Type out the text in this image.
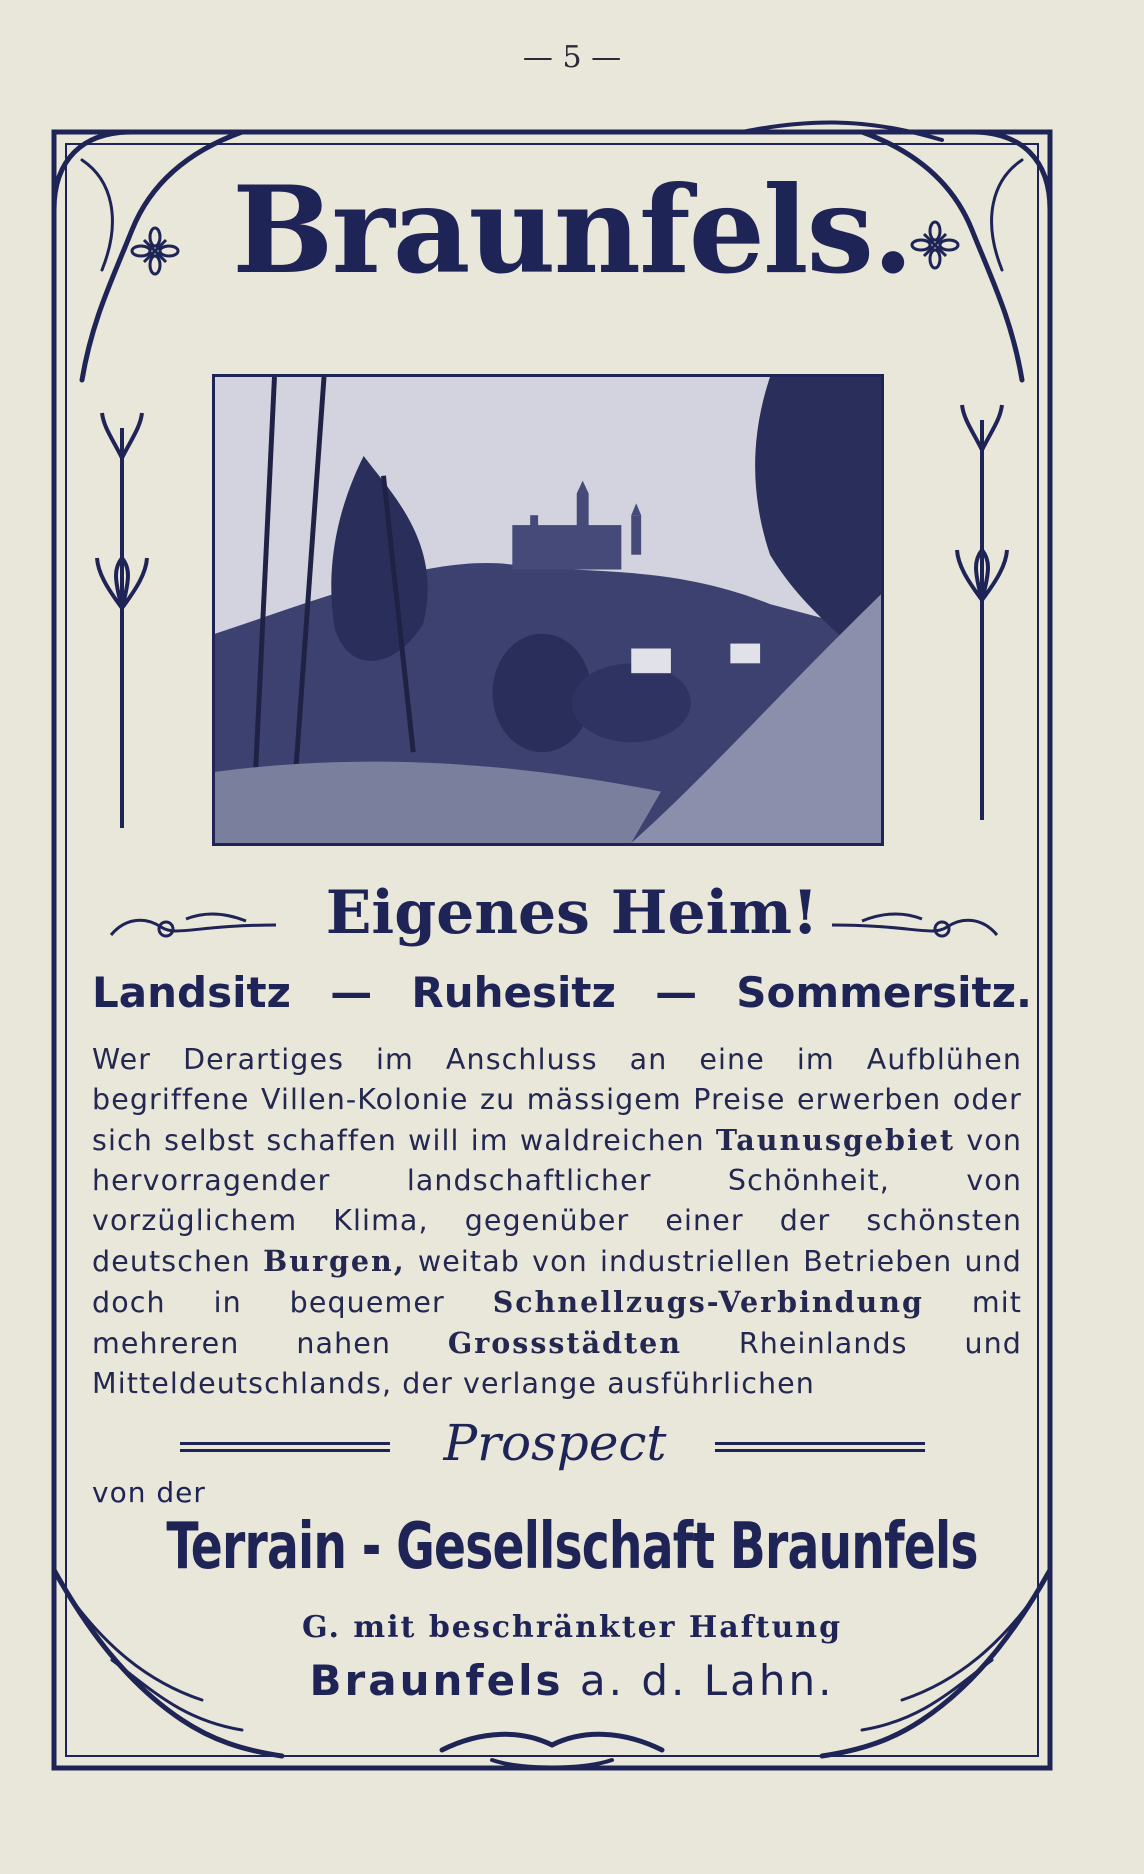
— 5 —
Braunfels.
Eigenes Heim!
Landsitz — Ruhesitz — Sommersitz.
Wer Derartiges im Anschluss an eine im Aufblühen begriffene Villen-Kolonie zu mässigem Preise erwerben oder sich selbst schaffen will im waldreichen Taunusgebiet von hervorragender landschaftlicher Schönheit, von vorzüglichem Klima, gegenüber einer der schönsten deutschen Burgen, weitab von industriellen Betrieben und doch in bequemer Schnellzugs-Verbindung mit mehreren nahen Grossstädten Rheinlands und Mitteldeutschlands, der verlange ausführlichen
Prospect
von der
Terrain - Gesellschaft Braunfels
G. mit beschränkter Haftung
Braunfels a. d. Lahn.
